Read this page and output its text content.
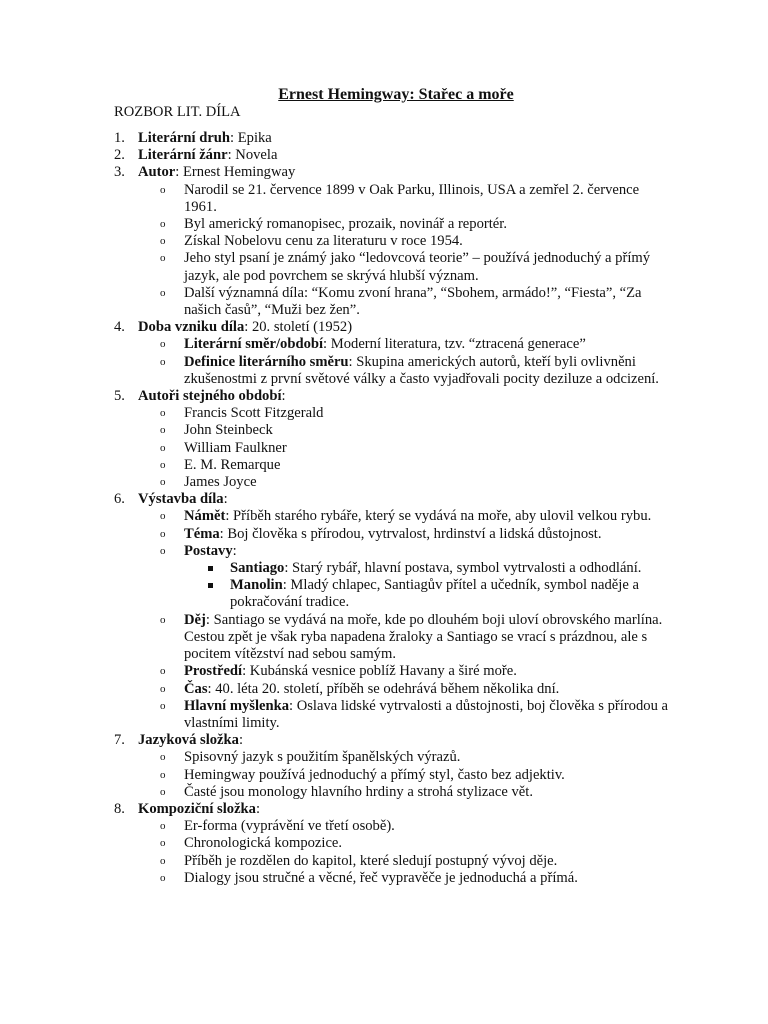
Ernest Hemingway: Stařec a moře
ROZBOR LIT. DÍLA
1. Literární druh: Epika
2. Literární žánr: Novela
3. Autor: Ernest Hemingway
o Narodil se 21. července 1899 v Oak Parku, Illinois, USA a zemřel 2. července 1961.
o Byl americký romanopisec, prozaik, novinář a reportér.
o Získal Nobelovu cenu za literaturu v roce 1954.
o Jeho styl psaní je známý jako “ledovcová teorie” – používá jednoduchý a přímý jazyk, ale pod povrchem se skrývá hlubší význam.
o Další významná díla: “Komu zvoní hrana”, “Sbohem, armádo!”, “Fiesta”, “Za našich časů”, “Muži bez žen”.
4. Doba vzniku díla: 20. století (1952)
o Literární směr/období: Moderní literatura, tzv. “ztracená generace”
o Definice literárního směru: Skupina amerických autorů, kteří byli ovlivněni zkušenostmi z první světové války a často vyjadřovali pocity deziluze a odcizení.
5. Autoři stejného období:
o Francis Scott Fitzgerald
o John Steinbeck
o William Faulkner
o E. M. Remarque
o James Joyce
6. Výstavba díla:
o Námět: Příběh starého rybáře, který se vydává na moře, aby ulovil velkou rybu.
o Téma: Boj člověka s přírodou, vytrvalost, hrdinství a lidská důstojnost.
o Postavy:
Santiago: Starý rybář, hlavní postava, symbol vytrvalosti a odhodlání.
Manolin: Mladý chlapec, Santiagův přítel a učedník, symbol naděje a pokračování tradice.
o Děj: Santiago se vydává na moře, kde po dlouhém boji uloví obrovského marlína. Cestou zpět je však ryba napadena žraloky a Santiago se vrací s prázdnou, ale s pocitem vítězství nad sebou samým.
o Prostředí: Kubánská vesnice poblíž Havany a širé moře.
o Čas: 40. léta 20. století, příběh se odehrává během několika dní.
o Hlavní myšlenka: Oslava lidské vytrvalosti a důstojnosti, boj člověka s přírodou a vlastními limity.
7. Jazyková složka:
o Spisovný jazyk s použitím španělských výrazů.
o Hemingway používá jednoduchý a přímý styl, často bez adjektiv.
o Časté jsou monology hlavního hrdiny a strohá stylizace vět.
8. Kompoziční složka:
o Er-forma (vyprávění ve třetí osobě).
o Chronologická kompozice.
o Příběh je rozdělen do kapitol, které sledují postupný vývoj děje.
o Dialogy jsou stručné a věcné, řeč vypravěče je jednoduchá a přímá.
